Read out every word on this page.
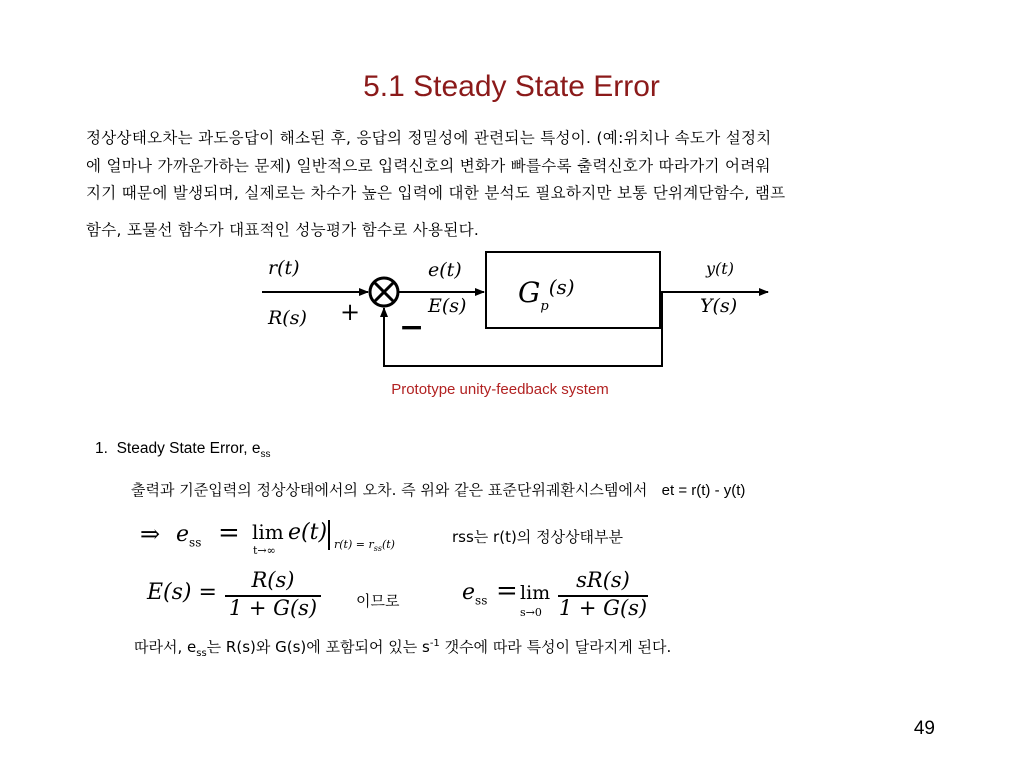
5.1 Steady State Error
정상상태오차는 과도응답이 해소된 후, 응답의 정밀성에 관련되는 특성이. (예:위치나 속도가 설정치
에 얼마나 가까운가하는 문제) 일반적으로 입력신호의 변화가 빠를수록 출력신호가 따라가기 어려워
지기 때문에 발생되며, 실제로는 차수가 높은 입력에 대한 분석도 필요하지만 보통 단위계단함수, 램프
함수, 포물선 함수가 대표적인 성능평가 함수로 사용된다.
r(t)
R(s) + −
e(t)
E(s) $G_p^{(s)}$
y(t)
Y(s)
Prototype unity-feedback system
1. Steady State Error, $e_{ss}$
출력과 기준입력의 정상상태에서의 오차. 즉 위와 같은 표준단위궤환시스템에서 et = r(t) - y(t)
⇒ $e_{ss} = \lim$
t→∞
e(t) $r(t) = r_{ss}(t)$	rss는 r(t)의 정상상태부분
E(s) =	R(s)
1 + G(s)	이므로	$e_{ss} = \lim$
s→0
sR(s)
1 + G(s)
따라서, $e_{ss}$는 R(s)와 G(s)에 포함되어 있는 $s^{-1}$ 갯수에 따라 특성이 달라지게 된다.
49
